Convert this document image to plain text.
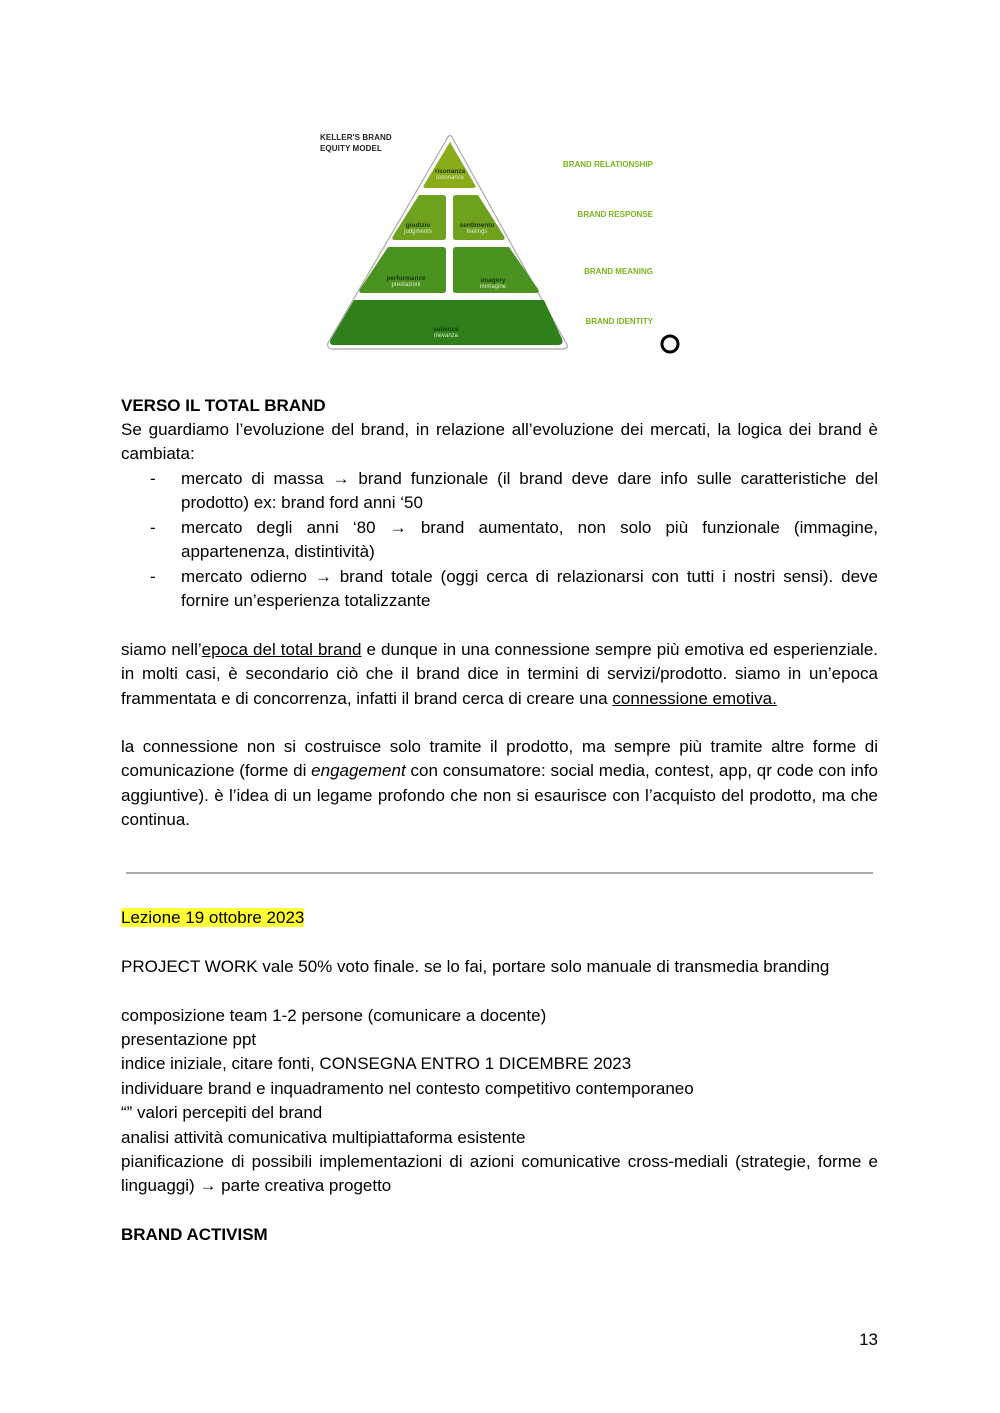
KELLER'S BRAND
EQUITY MODEL
BRAND RELATIONSHIP
BRAND RESPONSE
BRAND MEANING
BRAND IDENTITY
risonanza
resonance
giudizio
judgments
sentimento
feelings
performance
prestazioni
imagery
immagine
salience
rilevanza
VERSO IL TOTAL BRAND
Se guardiamo l’evoluzione del brand, in relazione all’evoluzione dei mercati, la logica dei brand è cambiata:
- mercato di massa → brand funzionale (il brand deve dare info sulle caratteristiche del prodotto) ex: brand ford anni ‘50
- mercato degli anni ‘80 → brand aumentato, non solo più funzionale (immagine, appartenenza, distintività)
- mercato odierno → brand totale (oggi cerca di relazionarsi con tutti i nostri sensi). deve fornire un’esperienza totalizzante
siamo nell’epoca del total brand e dunque in una connessione sempre più emotiva ed esperienziale. in molti casi, è secondario ciò che il brand dice in termini di servizi/prodotto. siamo in un’epoca frammentata e di concorrenza, infatti il brand cerca di creare una connessione emotiva.
la connessione non si costruisce solo tramite il prodotto, ma sempre più tramite altre forme di comunicazione (forme di engagement con consumatore: social media, contest, app, qr code con info aggiuntive). è l’idea di un legame profondo che non si esaurisce con l’acquisto del prodotto, ma che continua.
Lezione 19 ottobre 2023
PROJECT WORK vale 50% voto finale. se lo fai, portare solo manuale di transmedia branding
composizione team 1-2 persone (comunicare a docente)
presentazione ppt
indice iniziale, citare fonti, CONSEGNA ENTRO 1 DICEMBRE 2023
individuare brand e inquadramento nel contesto competitivo contemporaneo
“” valori percepiti del brand
analisi attività comunicativa multipiattaforma esistente
pianificazione di possibili implementazioni di azioni comunicative cross-mediali (strategie, forme e linguaggi) → parte creativa progetto
BRAND ACTIVISM
13
